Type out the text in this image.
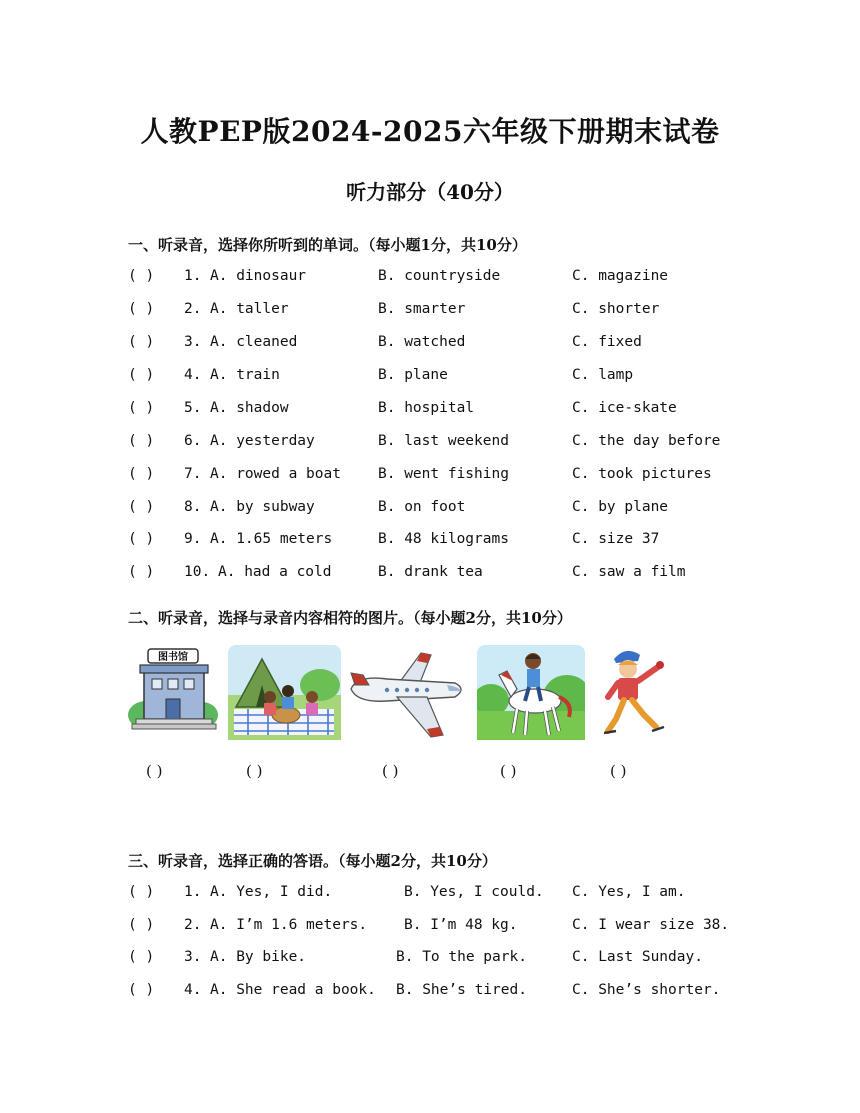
人教PEP版2024-2025六年级下册期末试卷
听力部分（40分）
一、听录音，选择你所听到的单词。（每小题1分，共10分）
( ) 1. A. dinosaur	B. countryside	C. magazine
( ) 2. A. taller	B. smarter	C. shorter
( ) 3. A. cleaned	B. watched	C. fixed
( ) 4. A. train	B. plane	C. lamp
( ) 5. A. shadow	B. hospital	C. ice-skate
( ) 6. A. yesterday	B. last weekend	C. the day before
( ) 7. A. rowed a boat	B. went fishing	C. took pictures
( ) 8. A. by subway	B. on foot	C. by plane
( ) 9. A. 1.65 meters	B. 48 kilograms	C. size 37
( ) 10. A. had a cold	B. drank tea	C. saw a film
二、听录音，选择与录音内容相符的图片。（每小题2分，共10分）
图书馆
( )	( )	( )	( )	( )
三、听录音，选择正确的答语。（每小题2分，共10分）
( ) 1. A. Yes, I did.	B. Yes, I could. C. Yes, I am.
( ) 2. A. I’m 1.6 meters.	B. I’m 48 kg.	C. I wear size 38.
( ) 3. A. By bike.	B. To the park.	C. Last Sunday.
( ) 4. A. She read a book. B. She’s tired.	C. She’s shorter.
